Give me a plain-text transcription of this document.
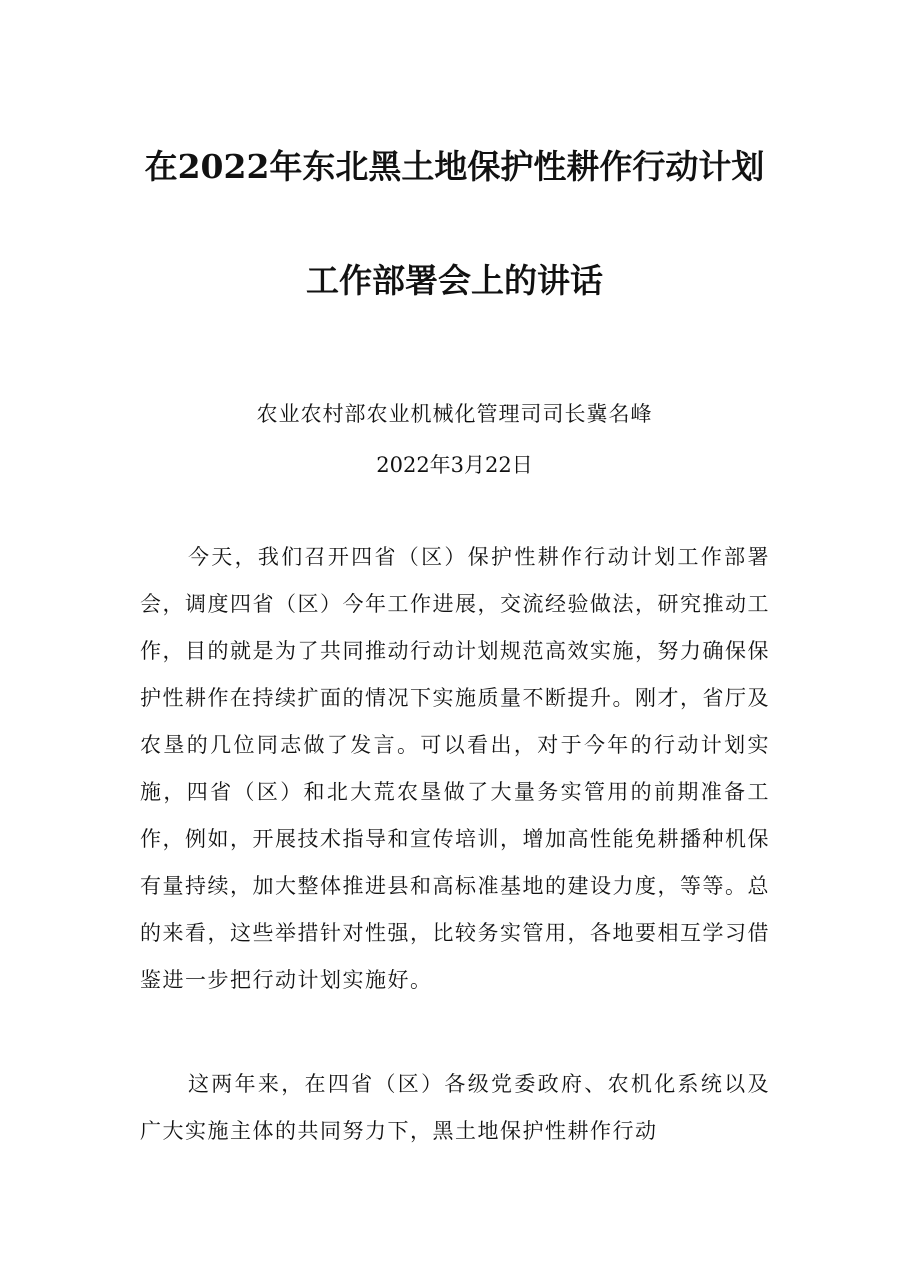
在2022年东北黑土地保护性耕作行动计划
工作部署会上的讲话
农业农村部农业机械化管理司司长冀名峰
2022年3月22日

今天，我们召开四省（区）保护性耕作行动计划工作部署会，调度四省（区）今年工作进展，交流经验做法，研究推动工作，目的就是为了共同推动行动计划规范高效实施，努力确保保护性耕作在持续扩面的情况下实施质量不断提升。刚才，省厅及农垦的几位同志做了发言。可以看出，对于今年的行动计划实施，四省（区）和北大荒农垦做了大量务实管用的前期准备工作，例如，开展技术指导和宣传培训，增加高性能免耕播种机保有量持续，加大整体推进县和高标准基地的建设力度，等等。总的来看，这些举措针对性强，比较务实管用，各地要相互学习借鉴进一步把行动计划实施好。

这两年来，在四省（区）各级党委政府、农机化系统以及广大实施主体的共同努力下，黑土地保护性耕作行动
